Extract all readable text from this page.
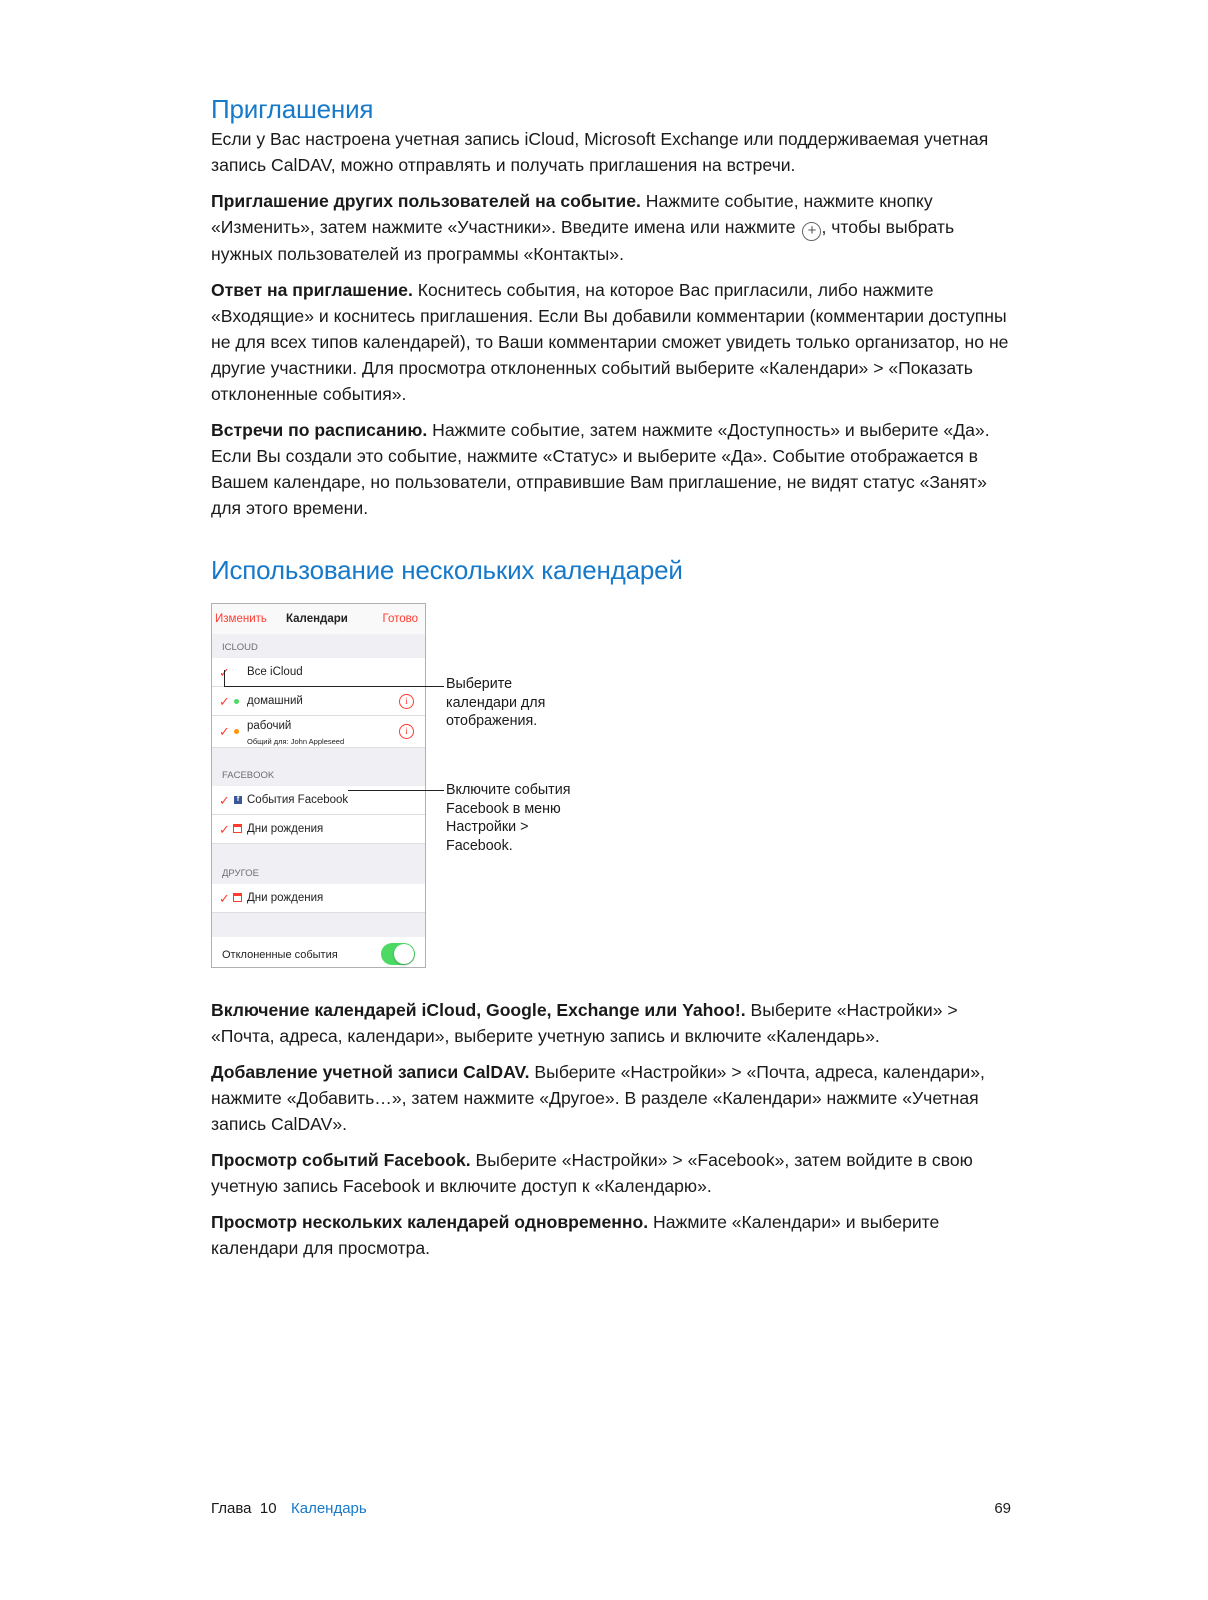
Приглашения

Если у Вас настроена учетная запись iCloud, Microsoft Exchange или поддерживаемая учетная запись CalDAV, можно отправлять и получать приглашения на встречи.

Приглашение других пользователей на событие. Нажмите событие, нажмите кнопку «Изменить», затем нажмите «Участники». Введите имена или нажмите + , чтобы выбрать нужных пользователей из программы «Контакты».

Ответ на приглашение. Коснитесь события, на которое Вас пригласили, либо нажмите «Входящие» и коснитесь приглашения. Если Вы добавили комментарии (комментарии доступны не для всех типов календарей), то Ваши комментарии сможет увидеть только организатор, но не другие участники. Для просмотра отклоненных событий выберите «Календари» > «Показать отклоненные события».

Встречи по расписанию. Нажмите событие, затем нажмите «Доступность» и выберите «Да». Если Вы создали это событие, нажмите «Статус» и выберите «Да». Событие отображается в Вашем календаре, но пользователи, отправившие Вам приглашение, не видят статус «Занят» для этого времени.

Использование нескольких календарей
Изменить Календари	Готово
ICLOUD
✓ Все iCloud
✓ домашний	i
✓ рабочий
Общий для: John Appleseed
i
FACEBOOK
✓ f События Facebook
✓ Дни рождения
ДРУГОЕ
✓ Дни рождения
Отклоненные события
Выберите
календари для
отображения.
Включите события
Facebook в меню
Настройки >
Facebook.

Включение календарей iCloud, Google, Exchange или Yahoo!. Выберите «Настройки» > «Почта, адреса, календари», выберите учетную запись и включите «Календарь».

Добавление учетной записи CalDAV. Выберите «Настройки» > «Почта, адреса, календари», нажмите «Добавить…», затем нажмите «Другое». В разделе «Календари» нажмите «Учетная запись CalDAV».

Просмотр событий Facebook. Выберите «Настройки» > «Facebook», затем войдите в свою учетную запись Facebook и включите доступ к «Календарю».

Просмотр нескольких календарей одновременно. Нажмите «Календари» и выберите календари для просмотра.

Глава  10 Календарь	69
